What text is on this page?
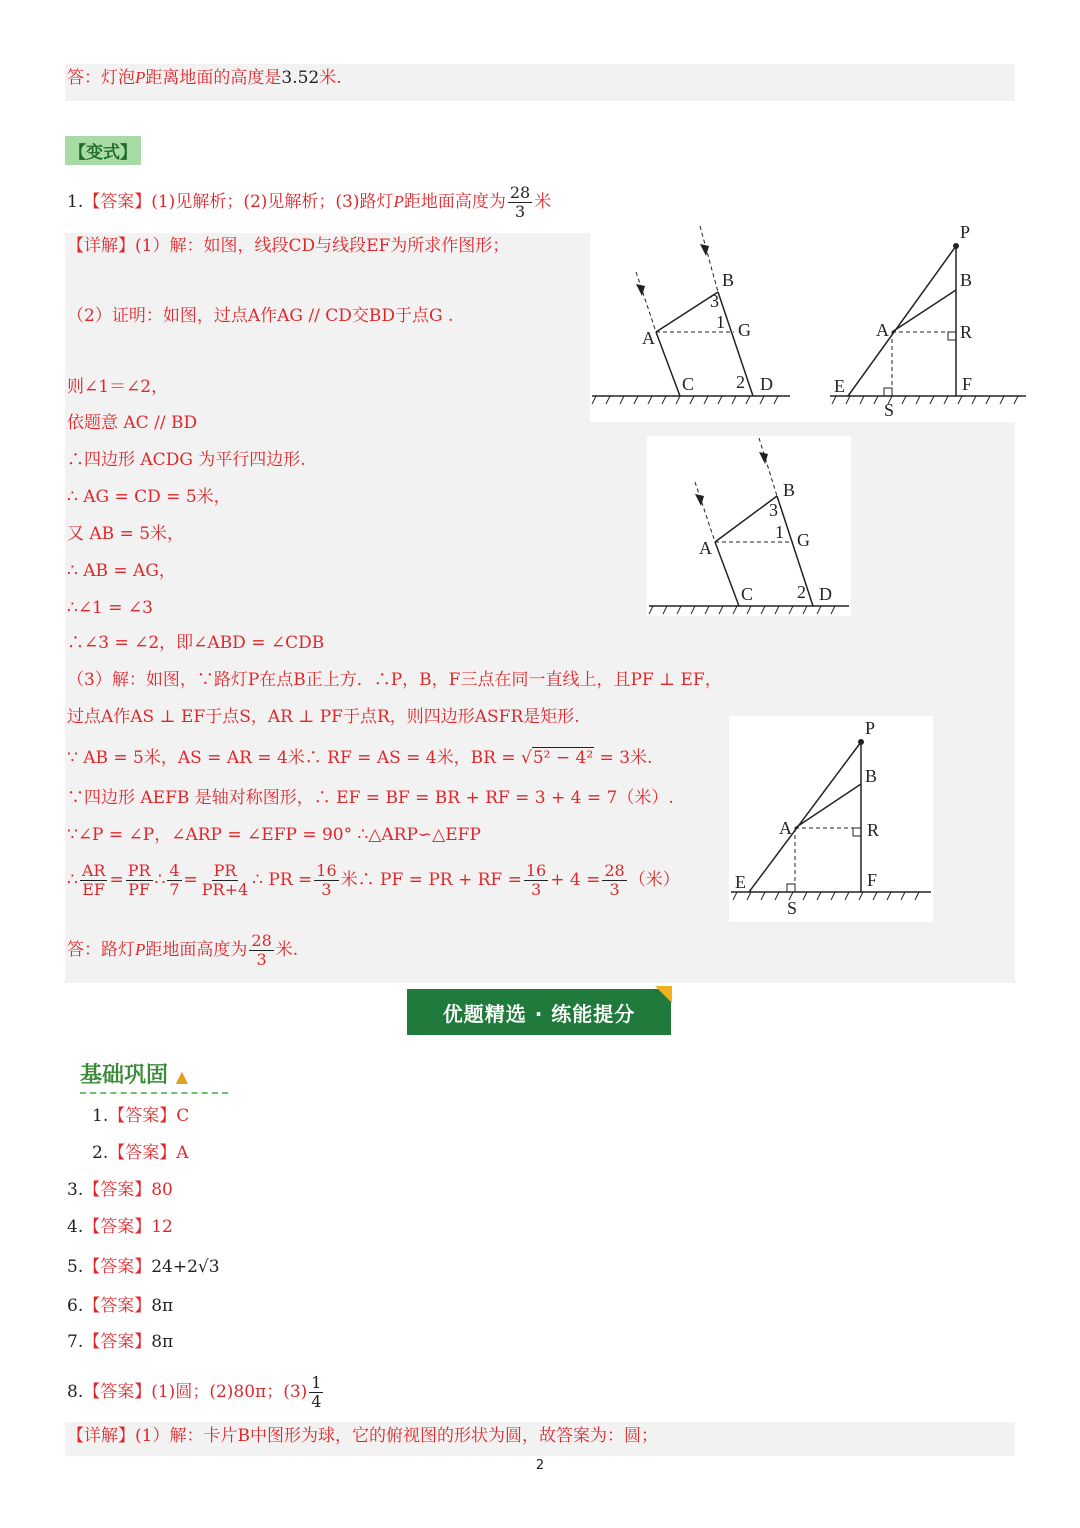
答：灯泡P距离地面的高度是3.52米.
【变式】
1.【答案】(1)见解析；(2)见解析；(3)路灯P距地面高度为 $\frac{28}{3}$ 米
【详解】(1）解：如图，线段CD与线段EF为所求作图形；
（2）证明：如图，过点A作AG // CD交BD于点G .
则∠1＝∠2，
依题意 AC // BD
∴四边形 ACDG 为平行四边形.
∴ AG = CD = 5米，
又 AB = 5米，
∴ AB = AG，
∴∠1 = ∠3
∴∠3 = ∠2，即∠ABD = ∠CDB
（3）解：如图，∵路灯P在点B正上方．∴P，B，F三点在同一直线上，且PF ⊥ EF，
过点A作AS ⊥ EF于点S，AR ⊥ PF于点R，则四边形ASFR是矩形.
∵ AB = 5米，AS = AR = 4米∴ RF = AS = 4米，BR = √5² − 4² = 3米.
∵四边形 AEFB 是轴对称图形，∴ EF = BF = BR + RF = 3 + 4 = 7（米）.
∵∠P = ∠P，∠ARP = ∠EFP = 90° ∴△ARP∽△EFP
∴ $\frac{AR}{EF} = \frac{PR}{PF}$ ∴ $\frac{4}{7} = \frac{PR}{PR+4}$ ∴ PR = $\frac{16}{3}$ 米∴ PF = PR + RF = $\frac{16}{3} + 4 = \frac{28}{3}$ （米）
答：路灯P距地面高度为 $\frac{28}{3}$ 米.
A
B
G
C	D
3
1
2
P
B
A	R
E	F
S
A
B
G
C	D
3
1
2
P
B
A	R
E	F
S
优题精选 · 练能提分
基础巩固 ▲
1.【答案】C
2.【答案】A
3.【答案】80
4.【答案】12
5.【答案】24+2√3
6.【答案】8π
7.【答案】8π
8.【答案】(1)圆；(2)80π；$(3) \frac{1}{4}$
【详解】(1）解：卡片B中图形为球，它的俯视图的形状为圆，故答案为：圆；
2
